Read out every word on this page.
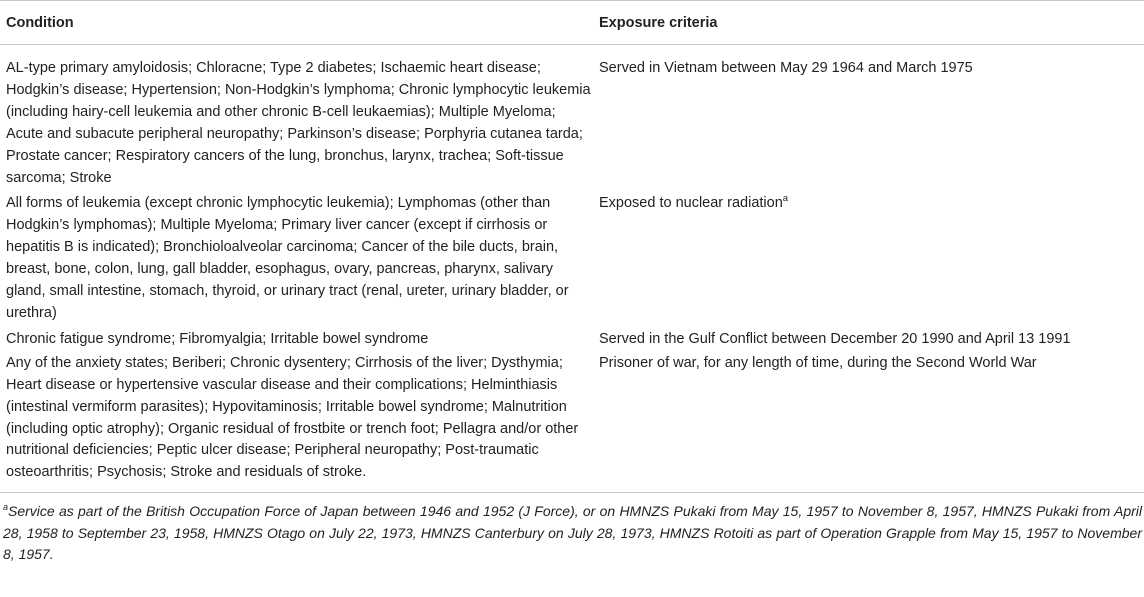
Condition	Exposure criteria
AL-type primary amyloidosis; Chloracne; Type 2 diabetes; Ischaemic heart disease; Hodgkin’s disease; Hypertension; Non-Hodgkin’s lymphoma; Chronic lymphocytic leukemia (including hairy-cell leukemia and other chronic B-cell leukaemias); Multiple Myeloma; Acute and subacute peripheral neuropathy; Parkinson’s disease; Porphyria cutanea tarda; Prostate cancer; Respiratory cancers of the lung, bronchus, larynx, trachea; Soft-tissue sarcoma; Stroke	Served in Vietnam between May 29 1964 and March 1975
All forms of leukemia (except chronic lymphocytic leukemia); Lymphomas (other than Hodgkin’s lymphomas); Multiple Myeloma; Primary liver cancer (except if cirrhosis or hepatitis B is indicated); Bronchioloalveolar carcinoma; Cancer of the bile ducts, brain, breast, bone, colon, lung, gall bladder, esophagus, ovary, pancreas, pharynx, salivary gland, small intestine, stomach, thyroid, or urinary tract (renal, ureter, urinary bladder, or urethra)	Exposed to nuclear radiation$^a$
Chronic fatigue syndrome; Fibromyalgia; Irritable bowel syndrome	Served in the Gulf Conflict between December 20 1990 and April 13 1991
Any of the anxiety states; Beriberi; Chronic dysentery; Cirrhosis of the liver; Dysthymia; Heart disease or hypertensive vascular disease and their complications; Helminthiasis (intestinal vermiform parasites); Hypovitaminosis; Irritable bowel syndrome; Malnutrition (including optic atrophy); Organic residual of frostbite or trench foot; Pellagra and/or other nutritional deficiencies; Peptic ulcer disease; Peripheral neuropathy; Post-traumatic osteoarthritis; Psychosis; Stroke and residuals of stroke.	Prisoner of war, for any length of time, during the Second World War
$^a$Service as part of the British Occupation Force of Japan between 1946 and 1952 (J Force), or on HMNZS Pukaki from May 15, 1957 to November 8, 1957, HMNZS Pukaki from April 28, 1958 to September 23, 1958, HMNZS Otago on July 22, 1973, HMNZS Canterbury on July 28, 1973, HMNZS Rotoiti as part of Operation Grapple from May 15, 1957 to November 8, 1957.
